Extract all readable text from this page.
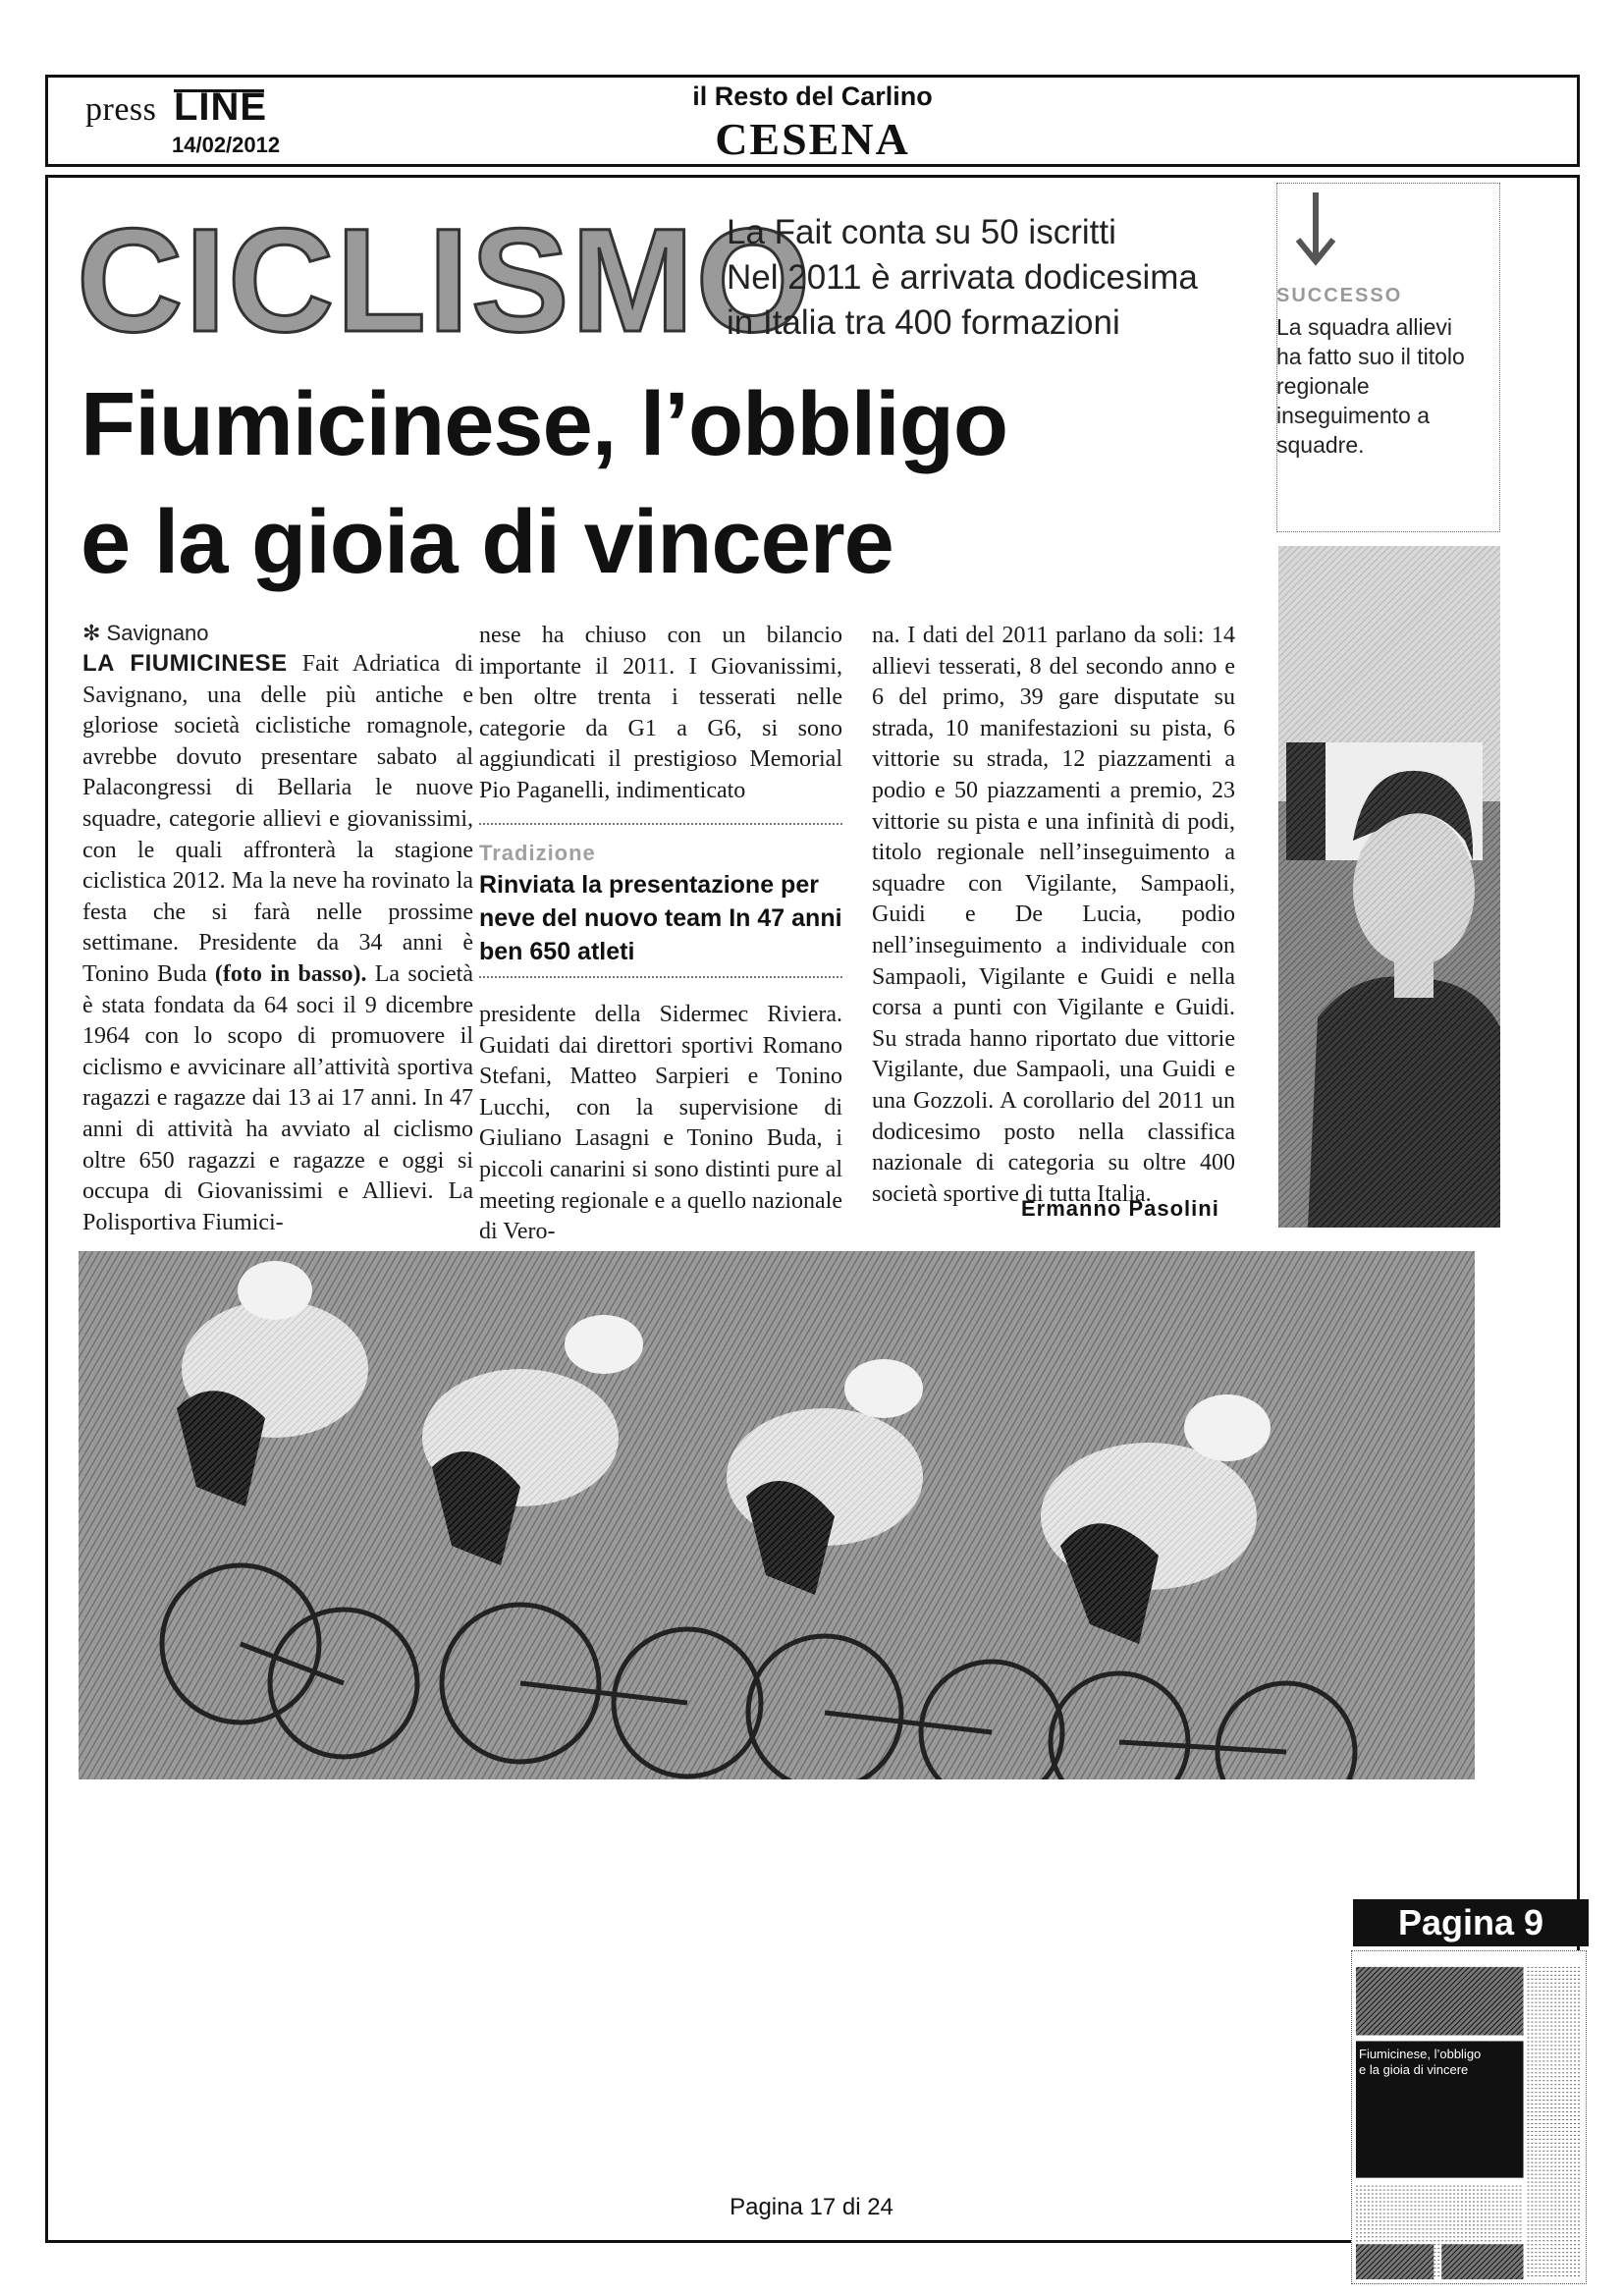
press LINE
14/02/2012
il Resto del Carlino
CESENA
CICLISMO
La Fait conta su 50 iscritti
Nel 2011 è arrivata dodicesima
in Italia tra 400 formazioni
Fiumicinese, l’obbligo
e la gioia di vincere
SUCCESSO
La squadra allievi ha fatto suo il titolo regionale inseguimento a squadre.
✻ Savignano

LA FIUMICINESE Fait Adriatica di Savignano, una delle più antiche e gloriose società ciclistiche romagnole, avrebbe dovuto presentare sabato al Palacongressi di Bellaria le nuove squadre, categorie allievi e giovanissimi, con le quali affronterà la stagione ciclistica 2012. Ma la neve ha rovinato la festa che si farà nelle prossime settimane. Presidente da 34 anni è Tonino Buda (foto in basso). La società è stata fondata da 64 soci il 9 dicembre 1964 con lo scopo di promuovere il ciclismo e avvicinare all’attività sportiva ragazzi e ragazze dai 13 ai 17 anni. In 47 anni di attività ha avviato al ciclismo oltre 650 ragazzi e ragazze e oggi si occupa di Giovanissimi e Allievi. La Polisportiva Fiumici-

nese ha chiuso con un bilancio importante il 2011. I Giovanissimi, ben oltre trenta i tesserati nelle categorie da G1 a G6, si sono aggiundicati il prestigioso Memorial Pio Paganelli, indimenticato

Tradizione
Rinviata la presentazione per neve del nuovo team In 47 anni ben 650 atleti

presidente della Sidermec Riviera. Guidati dai direttori sportivi Romano Stefani, Matteo Sarpieri e Tonino Lucchi, con la supervisione di Giuliano Lasagni e Tonino Buda, i piccoli canarini si sono distinti pure al meeting regionale e a quello nazionale di Vero-

na. I dati del 2011 parlano da soli: 14 allievi tesserati, 8 del secondo anno e 6 del primo, 39 gare disputate su strada, 10 manifestazioni su pista, 6 vittorie su strada, 12 piazzamenti a podio e 50 piazzamenti a premio, 23 vittorie su pista e una infinità di podi, titolo regionale nell’inseguimento a squadre con Vigilante, Sampaoli, Guidi e De Lucia, podio nell’inseguimento a individuale con Sampaoli, Vigilante e Guidi e nella corsa a punti con Vigilante e Guidi. Su strada hanno riportato due vittorie Vigilante, due Sampaoli, una Guidi e una Gozzoli. A corollario del 2011 un dodicesimo posto nella classifica nazionale di categoria su oltre 400 società sportive di tutta Italia.

Ermanno Pasolini
Pagina 17 di 24
Pagina 9
Fiumicinese, l’obbligo
e la gioia di vincere
